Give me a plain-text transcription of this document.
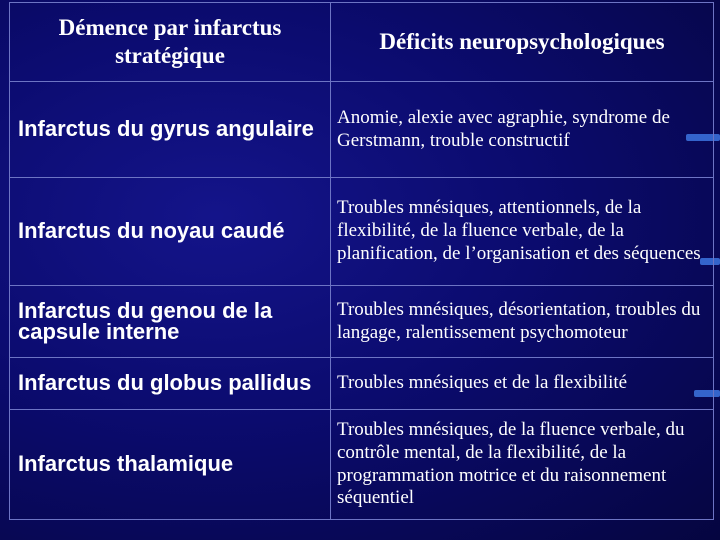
Démence par infarctus stratégique	Déficits neuropsychologiques
Infarctus du gyrus angulaire	Anomie, alexie avec agraphie, syndrome de Gerstmann, trouble constructif
Infarctus du noyau caudé	Troubles mnésiques, attentionnels, de la flexibilité, de la fluence verbale, de la planification, de l’organisation et des séquences
Infarctus du genou de la capsule interne	Troubles mnésiques, désorientation, troubles du langage, ralentissement psychomoteur
Infarctus du globus pallidus	Troubles mnésiques et de la flexibilité
Infarctus thalamique	Troubles mnésiques, de la fluence verbale, du contrôle mental, de la flexibilité, de la programmation motrice et du raisonnement séquentiel
